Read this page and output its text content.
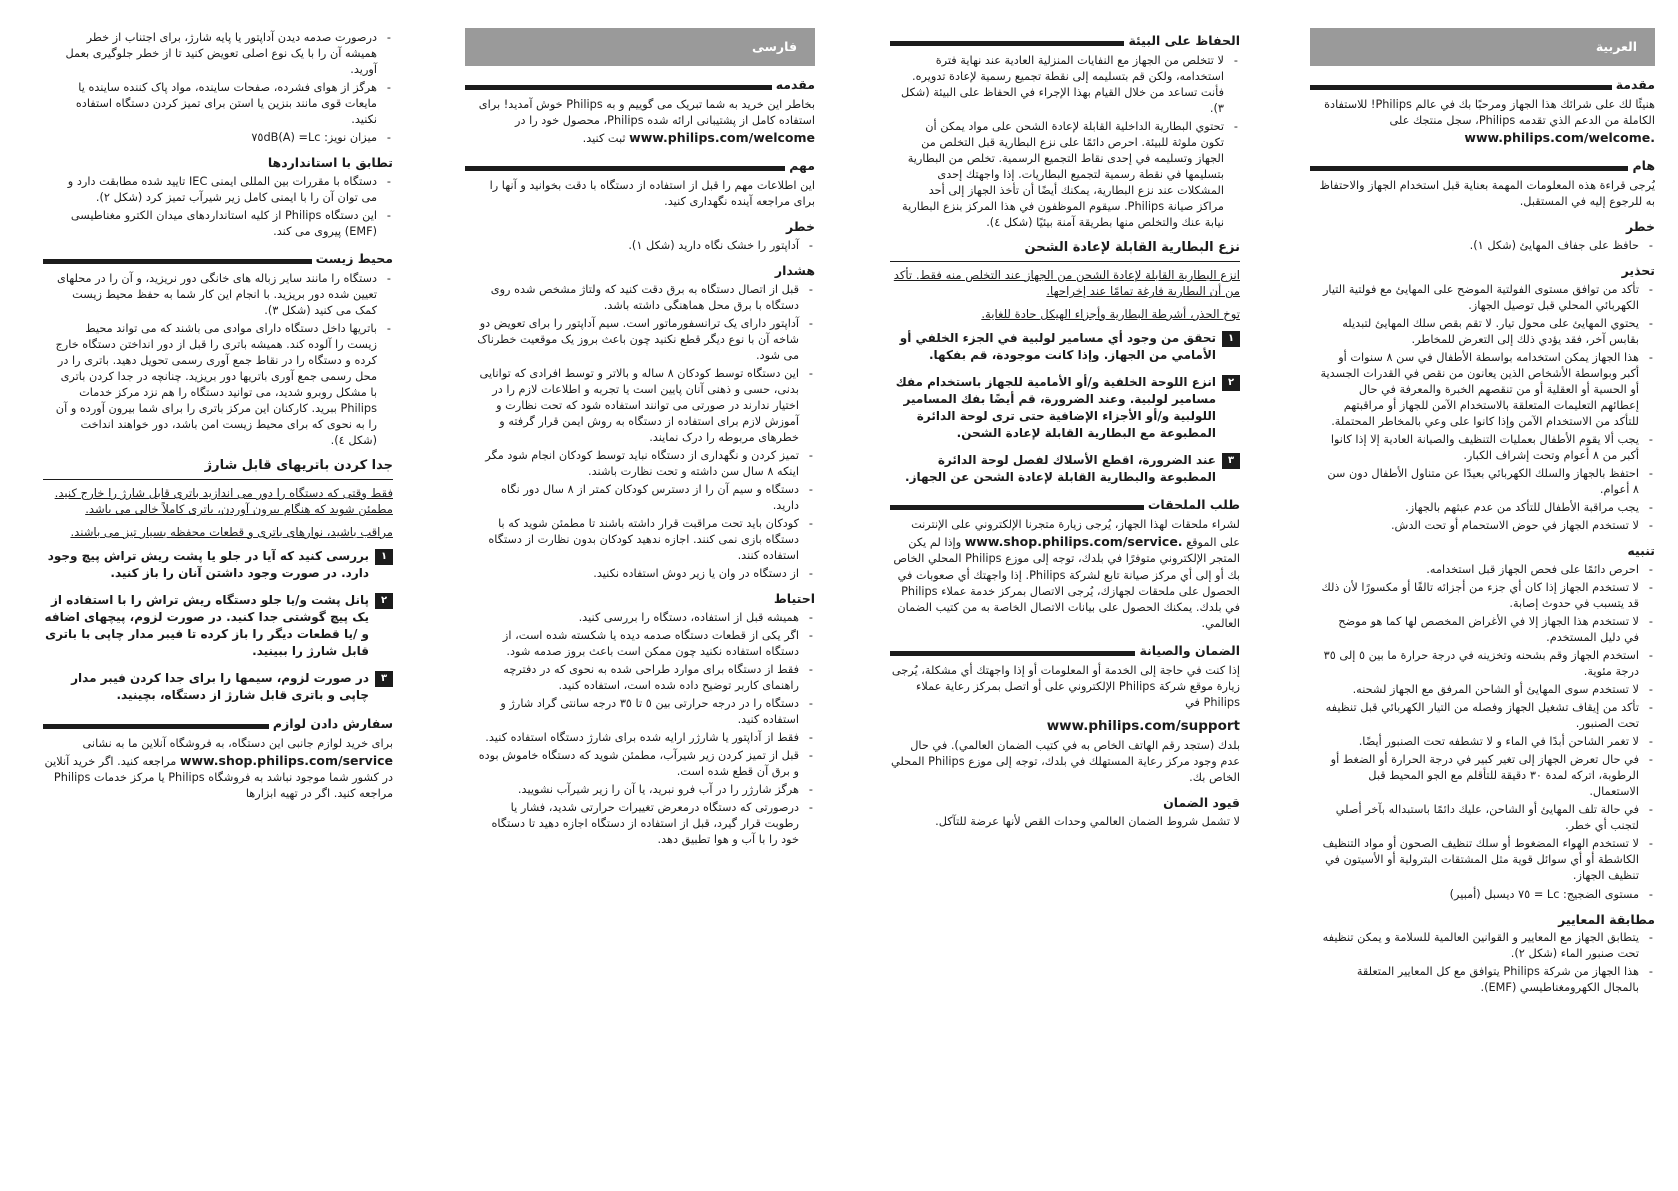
العربية
مقدمة

هنيئًا لك على شرائك هذا الجهاز ومرحبًا بك في عالم Philips! للاستفادة الكاملة من الدعم الذي تقدمه Philips، سجل منتجك على www.philips.com/welcome.

هام

يُرجى قراءة هذه المعلومات المهمة بعناية قبل استخدام الجهاز والاحتفاظ به للرجوع إليه في المستقبل.

خطر
- حافظ على جفاف المهايئ (شكل ١).
تحذير
- تأكد من توافق مستوى الفولتية الموضح على المهايئ مع فولتية التيار الكهربائي المحلي قبل توصيل الجهاز.
- يحتوي المهايئ على محول تيار. لا تقم بقص سلك المهايئ لتبديله بقابس آخر، فقد يؤدي ذلك إلى التعرض للمخاطر.
- هذا الجهاز يمكن استخدامه بواسطة الأطفال في سن ٨ سنوات أو أكبر وبواسطة الأشخاص الذين يعانون من نقص في القدرات الجسدية أو الحسية أو العقلية أو من تنقصهم الخبرة والمعرفة في حال إعطائهم التعليمات المتعلقة بالاستخدام الآمن للجهاز أو مراقبتهم للتأكد من الاستخدام الآمن وإذا كانوا على وعي بالمخاطر المحتملة.
- يجب ألا يقوم الأطفال بعمليات التنظيف والصيانة العادية إلا إذا كانوا أكبر من ٨ أعوام وتحت إشراف الكبار.
- احتفظ بالجهاز والسلك الكهربائي بعيدًا عن متناول الأطفال دون سن ٨ أعوام.
- يجب مراقبة الأطفال للتأكد من عدم عبثهم بالجهاز.
- لا تستخدم الجهاز في حوض الاستحمام أو تحت الدش.
تنبيه
- احرص دائمًا على فحص الجهاز قبل استخدامه.
- لا تستخدم الجهاز إذا كان أي جزء من أجزائه تالفًا أو مكسورًا لأن ذلك قد يتسبب في حدوث إصابة.
- لا تستخدم هذا الجهاز إلا في الأغراض المخصص لها كما هو موضح في دليل المستخدم.
- استخدم الجهاز وقم بشحنه وتخزينه في درجة حرارة ما بين ٥ إلى ٣٥ درجة مئوية.
- لا تستخدم سوى المهايئ أو الشاحن المرفق مع الجهاز لشحنه.
- تأكد من إيقاف تشغيل الجهاز وفصله من التيار الكهربائي قبل تنظيفه تحت الصنبور.
- لا تغمر الشاحن أبدًا في الماء و لا تشطفه تحت الصنبور أيضًا.
- في حال تعرض الجهاز إلى تغير كبير في درجة الحرارة أو الضغط أو الرطوبة، اتركه لمدة ٣٠ دقيقة للتأقلم مع الجو المحيط قبل الاستعمال.
- في حالة تلف المهايئ أو الشاحن، عليك دائمًا باستبداله بآخر أصلي لتجنب أي خطر.
- لا تستخدم الهواء المضغوط أو سلك تنظيف الصحون أو مواد التنظيف الكاشطة أو أي سوائل قوية مثل المشتقات البترولية أو الأسيتون في تنظيف الجهاز.
- مستوى الضجيج: Lc = ٧٥ ديسبل (أمبير)
مطابقة المعايير
- يتطابق الجهاز مع المعايير و القوانين العالمية للسلامة و يمكن تنظيفه تحت صنبور الماء (شكل ٢).
- هذا الجهاز من شركة Philips يتوافق مع كل المعايير المتعلقة بالمجال الكهرومغناطيسي (EMF).
الحفاظ على البيئة
- لا تتخلص من الجهاز مع النفايات المنزلية العادية عند نهاية فترة استخدامه، ولكن قم بتسليمه إلى نقطة تجميع رسمية لإعادة تدويره. فأنت تساعد من خلال القيام بهذا الإجراء في الحفاظ على البيئة (شكل ٣).
- تحتوي البطارية الداخلية القابلة لإعادة الشحن على مواد يمكن أن تكون ملوثة للبيئة. احرص دائمًا على نزع البطارية قبل التخلص من الجهاز وتسليمه في إحدى نقاط التجميع الرسمية. تخلص من البطارية بتسليمها في نقطة رسمية لتجميع البطاريات. إذا واجهتك إحدى المشكلات عند نزع البطارية، يمكنك أيضًا أن تأخذ الجهاز إلى أحد مراكز صيانة Philips. سيقوم الموظفون في هذا المركز بنزع البطارية نيابة عنك والتخلص منها بطريقة آمنة بيئيًا (شكل ٤).
نزع البطارية القابلة لإعادة الشحن

انزع البطارية القابلة لإعادة الشحن من الجهاز عند التخلص منه فقط. تأكد من أن البطارية فارغة تمامًا عند إخراجها.

توخ الحذر، أشرطة البطارية وأجزاء الهيكل حادة للغاية.

١
تحقق من وجود أي مسامير لولبية في الجزء الخلفي أو الأمامي من الجهاز. وإذا كانت موجودة، قم بفكها.
٢
انزع اللوحة الخلفية و/أو الأمامية للجهاز باستخدام مفك مسامير لولبية. وعند الضرورة، قم أيضًا بفك المسامير اللولبية و/أو الأجزاء الإضافية حتى ترى لوحة الدائرة المطبوعة مع البطارية القابلة لإعادة الشحن.
٣
عند الضرورة، اقطع الأسلاك لفصل لوحة الدائرة المطبوعة والبطارية القابلة لإعادة الشحن عن الجهاز.
طلب الملحقات

لشراء ملحقات لهذا الجهاز، يُرجى زيارة متجرنا الإلكتروني على الإنترنت على الموقع www.shop.philips.com/service. وإذا لم يكن المتجر الإلكتروني متوفرًا في بلدك، توجه إلى موزع Philips المحلي الخاص بك أو إلى أي مركز صيانة تابع لشركة Philips. إذا واجهتك أي صعوبات في الحصول على ملحقات لجهازك، يُرجى الاتصال بمركز خدمة عملاء Philips في بلدك. يمكنك الحصول على بيانات الاتصال الخاصة به من كتيب الضمان العالمي.

الضمان والصيانة

إذا كنت في حاجة إلى الخدمة أو المعلومات أو إذا واجهتك أي مشكلة، يُرجى زيارة موقع شركة Philips الإلكتروني على أو اتصل بمركز رعاية عملاء Philips في

www.philips.com/support

بلدك (ستجد رقم الهاتف الخاص به في كتيب الضمان العالمي). في حال عدم وجود مركز رعاية المستهلك في بلدك، توجه إلى موزع Philips المحلي الخاص بك.

قيود الضمان

لا تشمل شروط الضمان العالمي وحدات القص لأنها عرضة للتآكل.

فارسی
مقدمه

بخاطر این خرید به شما تبریک می گوییم و به Philips خوش آمدید! برای استفاده کامل از پشتیبانی ارائه شده Philips، محصول خود را در www.philips.com/welcome ثبت کنید.

مهم

این اطلاعات مهم را قبل از استفاده از دستگاه با دقت بخوانید و آنها را برای مراجعه آینده نگهداری کنید.

خطر
- آداپتور را خشک نگاه دارید (شکل ١).
هشدار
- قبل از اتصال دستگاه به برق دقت کنید که ولتاژ مشخص شده روی دستگاه با برق محل هماهنگی داشته باشد.
- آداپتور دارای یک ترانسفورماتور است. سیم آداپتور را برای تعویض دو شاخه آن با نوع دیگر قطع نکنید چون باعث بروز یک موقعیت خطرناک می شود.
- این دستگاه توسط کودکان ٨ ساله و بالاتر و توسط افرادی که توانایی بدنی، حسی و ذهنی آنان پایین است یا تجربه و اطلاعات لازم را در اختیار ندارند در صورتی می توانند استفاده شود که تحت نظارت و آموزش لازم برای استفاده از دستگاه به روش ایمن قرار گرفته و خطرهای مربوطه را درک نمایند.
- تمیز کردن و نگهداری از دستگاه نباید توسط کودکان انجام شود مگر اینکه ٨ سال سن داشته و تحت نظارت باشند.
- دستگاه و سیم آن را از دسترس کودکان کمتر از ٨ سال دور نگاه دارید.
- کودکان باید تحت مراقبت قرار داشته باشند تا مطمئن شوید که با دستگاه بازی نمی کنند. اجازه ندهید کودکان بدون نظارت از دستگاه استفاده کنند.
- از دستگاه در وان یا زیر دوش استفاده نکنید.
احتیاط
- همیشه قبل از استفاده، دستگاه را بررسی کنید.
- اگر یکی از قطعات دستگاه صدمه دیده یا شکسته شده است، از دستگاه استفاده نکنید چون ممکن است باعث بروز صدمه شود.
- فقط از دستگاه برای موارد طراحی شده به نحوی که در دفترچه راهنمای کاربر توضیح داده شده است، استفاده کنید.
- دستگاه را در درجه حرارتی بین ٥ تا ٣٥ درجه سانتی گراد شارژ و استفاده کنید.
- فقط از آداپتور یا شارژر ارایه شده برای شارژ دستگاه استفاده کنید.
- قبل از تمیز کردن زیر شیرآب، مطمئن شوید که دستگاه خاموش بوده و برق آن قطع شده است.
- هرگز شارژر را در آب فرو نبرید، یا آن را زیر شیرآب نشویید.
- درصورتی که دستگاه درمعرض تغییرات حرارتی شدید، فشار یا رطوبت قرار گیرد، قبل از استفاده از دستگاه اجازه دهید تا دستگاه خود را با آب و هوا تطبیق دهد.
- درصورت صدمه دیدن آداپتور یا پایه شارژ، برای اجتناب از خطر همیشه آن را با یک نوع اصلی تعویض کنید تا از خطر جلوگیری بعمل آورید.
- هرگز از هوای فشرده، صفحات ساینده، مواد پاک کننده ساینده یا مایعات قوی مانند بنزین یا استن برای تمیز کردن دستگاه استفاده نکنید.
- میزان نویز: Lc= ٧٥dB(A)
تطابق با استانداردها
- دستگاه با مقررات بین المللی ایمنی IEC تایید شده مطابقت دارد و می توان آن را با ایمنی کامل زیر شیرآب تمیز کرد (شکل ٢).
- این دستگاه Philips از کلیه استانداردهای میدان الکترو مغناطیسی (EMF) پیروی می کند.
محیط زیست
- دستگاه را مانند سایر زباله های خانگی دور نریزید، و آن را در محلهای تعیین شده دور بریزید. با انجام این کار شما به حفظ محیط زیست کمک می کنید (شکل ٣).
- باتریها داخل دستگاه دارای موادی می باشند که می تواند محیط زیست را آلوده کند. همیشه باتری را قبل از دور انداختن دستگاه خارج کرده و دستگاه را در نقاط جمع آوری رسمی تحویل دهید. باتری را در محل رسمی جمع آوری باتریها دور بریزید. چنانچه در جدا کردن باتری با مشکل روبرو شدید، می توانید دستگاه را هم نزد مرکز خدمات Philips ببرید. کارکنان این مرکز باتری را برای شما بیرون آورده و آن را به نحوی که برای محیط زیست امن باشد، دور خواهند انداخت (شکل ٤).
جدا کردن باتریهای قابل شارژ

فقط وقتی که دستگاه را دور می اندازید باتری قابل شارژ را خارج کنید. مطمئن شوید که هنگام بیرون آوردن، باتری کاملاً خالی می باشد.

مراقب باشید، نوارهای باتری و قطعات محفظه بسیار تیز می باشند.

١
بررسی کنید که آیا در جلو یا پشت ریش تراش پیچ وجود دارد. در صورت وجود داشتن آنان را باز کنید.
٢
پانل پشت و/یا جلو دستگاه ریش تراش را با استفاده از یک پیچ گوشتی جدا کنید. در صورت لزوم، پیچهای اضافه و /یا قطعات دیگر را باز کرده تا فیبر مدار چاپی با باتری قابل شارژ را ببینید.
٣
در صورت لزوم، سیمها را برای جدا کردن فیبر مدار چاپی و باتری قابل شارژ از دستگاه، بچینید.
سفارش دادن لوازم

برای خرید لوازم جانبی این دستگاه، به فروشگاه آنلاین ما به نشانی www.shop.philips.com/service مراجعه کنید. اگر خرید آنلاین در کشور شما موجود نباشد به فروشگاه Philips یا مرکز خدمات Philips مراجعه کنید. اگر در تهیه ابزارها
